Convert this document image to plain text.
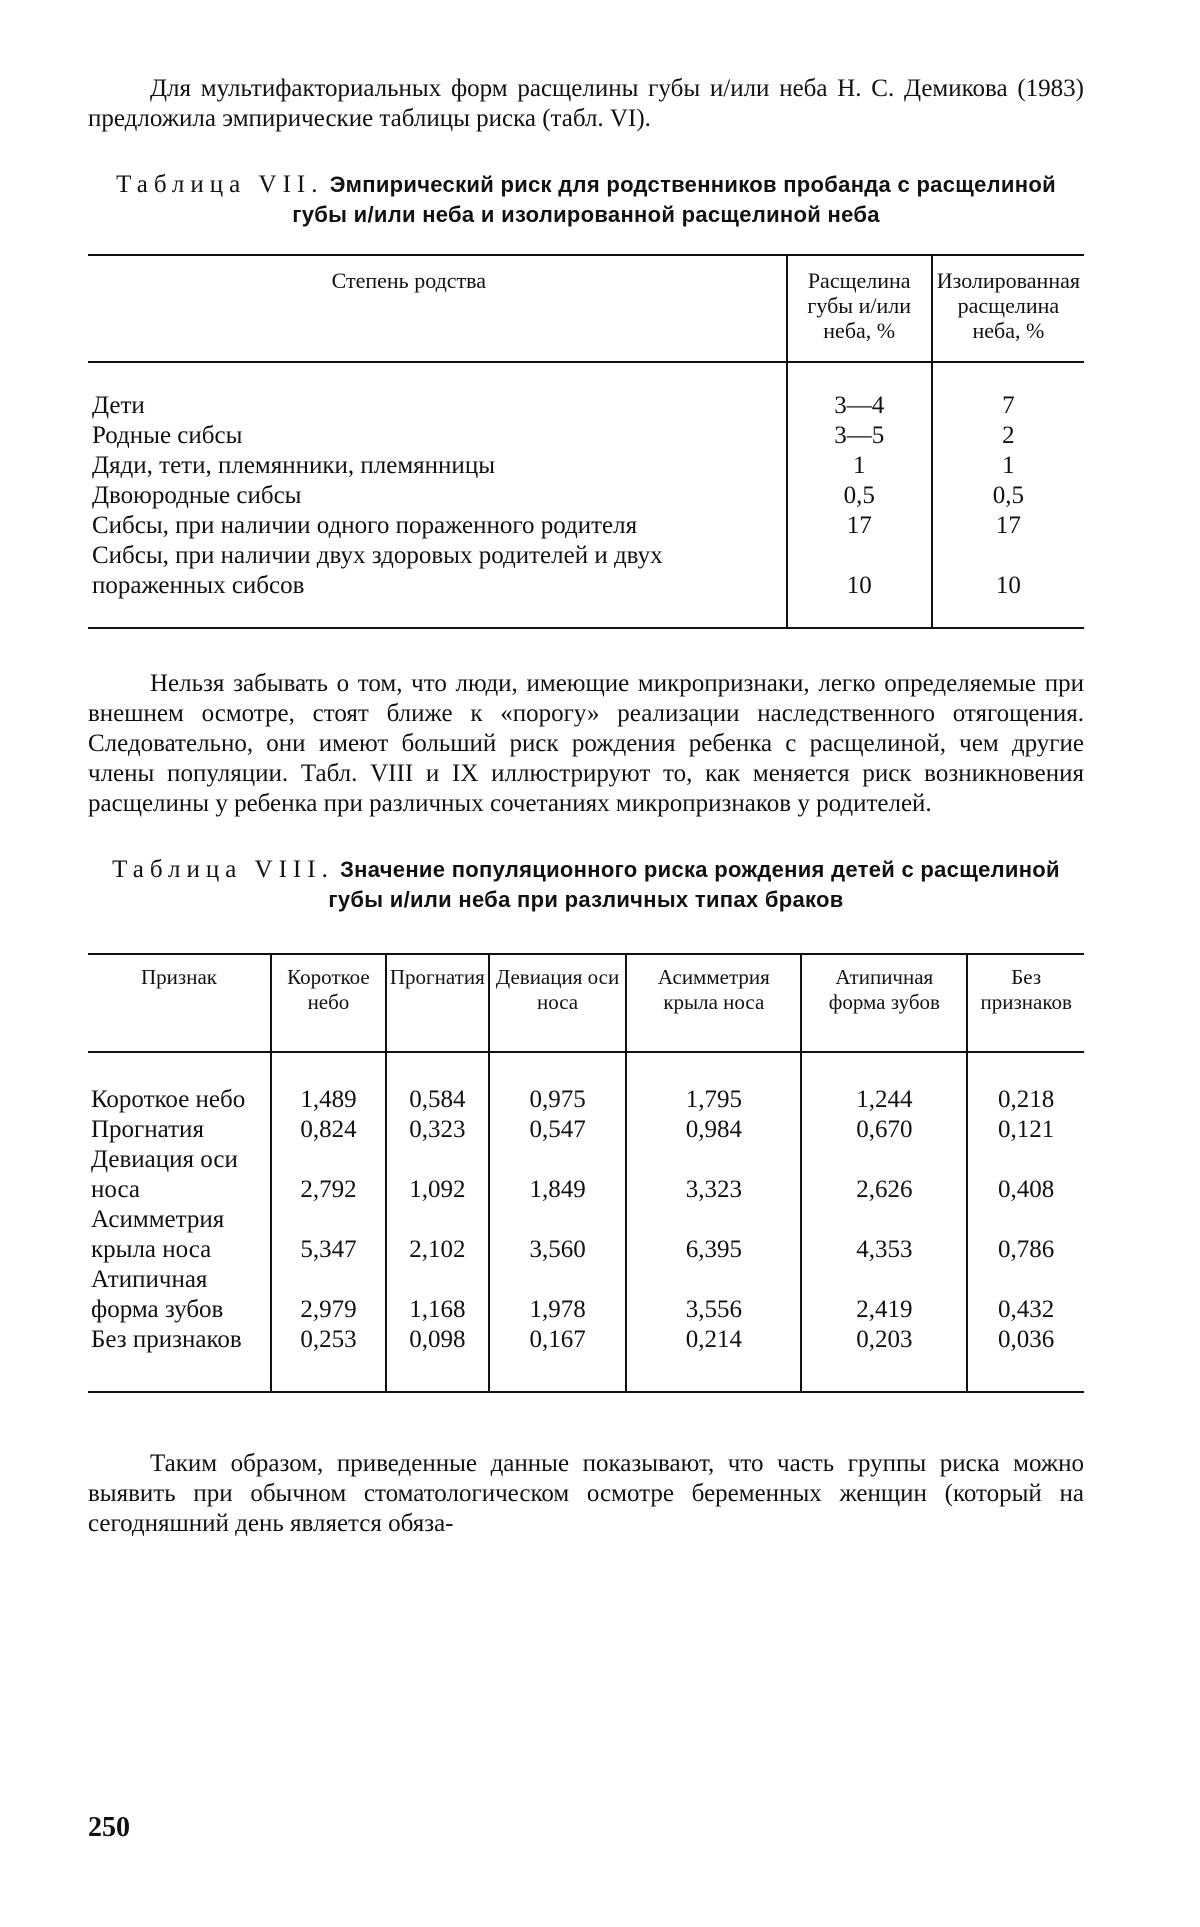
Для мультифакториальных форм расщелины губы и/или неба Н. С. Демикова (1983) предложила эмпирические таблицы риска (табл. VI).

Таблица VII. Эмпирический риск для родственников пробанда с расщелиной губы и/или неба и изолированной расщелиной неба

Степень родства	Расщелина губы и/или неба, %	Изолированная расщелина неба, %
Дети	3—4	7
Родные сибсы	3—5	2
Дяди, тети, племянники, племянницы	1	1
Двоюродные сибсы	0,5	0,5
Сибсы, при наличии одного пораженного родителя	17	17
Сибсы, при наличии двух здоровых родителей и двух пораженных сибсов	10	10

Нельзя забывать о том, что люди, имеющие микропризнаки, легко определяемые при внешнем осмотре, стоят ближе к «порогу» реализации наследственного отягощения. Следовательно, они имеют больший риск рождения ребенка с расщелиной, чем другие члены популяции. Табл. VIII и IX иллюстрируют то, как меняется риск возникновения расщелины у ребенка при различных сочетаниях микропризнаков у родителей.

Таблица VIII. Значение популяционного риска рождения детей с расщелиной губы и/или неба при различных типах браков

Признак	Короткое небо	Прогнатия	Девиация оси носа	Асимметрия крыла носа	Атипичная форма зубов	Без признаков
Короткое небо	1,489	0,584	0,975	1,795	1,244	0,218
Прогнатия	0,824	0,323	0,547	0,984	0,670	0,121
Девиация оси носа	2,792	1,092	1,849	3,323	2,626	0,408
Асимметрия крыла носа	5,347	2,102	3,560	6,395	4,353	0,786
Атипичная форма зубов	2,979	1,168	1,978	3,556	2,419	0,432
Без признаков	0,253	0,098	0,167	0,214	0,203	0,036

Таким образом, приведенные данные показывают, что часть группы риска можно выявить при обычном стоматологическом осмотре беременных женщин (который на сегодняшний день является обяза-

250
